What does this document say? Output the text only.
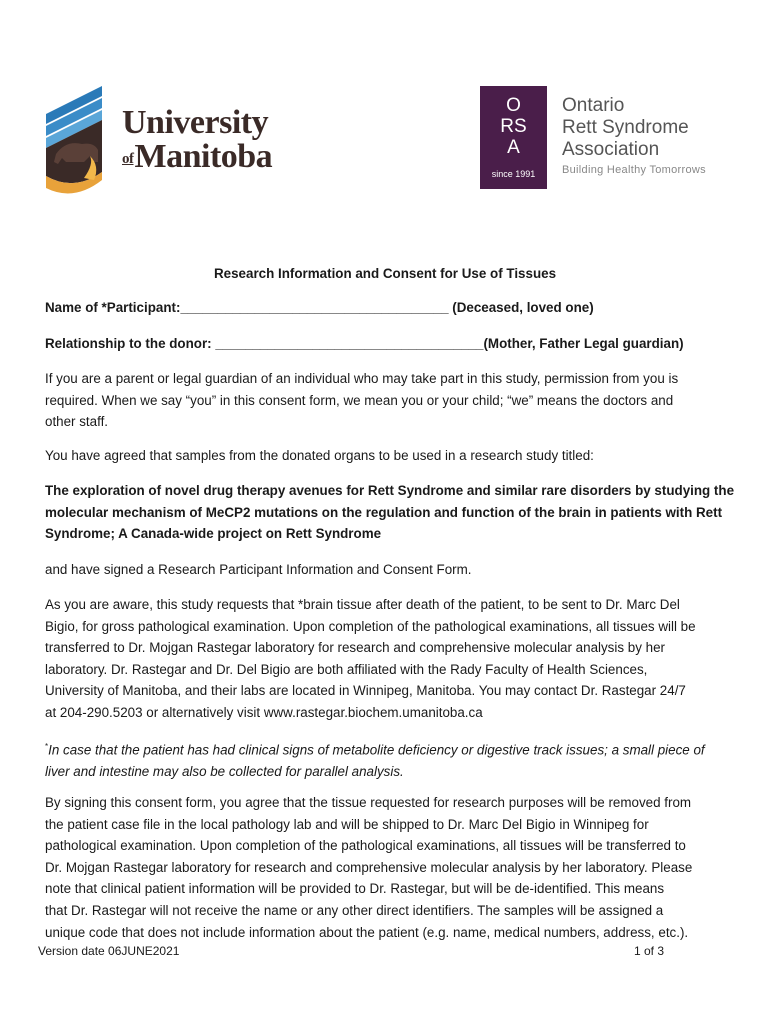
University
ofManitoba
O
RS
A
since 1991
Ontario
Rett Syndrome
Association
Building Healthy Tomorrows
Research Information and Consent for Use of Tissues
Name of *Participant:____________________________________ (Deceased, loved one)
Relationship to the donor: ____________________________________(Mother, Father Legal guardian)
If you are a parent or legal guardian of an individual who may take part in this study, permission from you is
required. When we say “you” in this consent form, we mean you or your child; “we” means the doctors and
other staff.
You have agreed that samples from the donated organs to be used in a research study titled:
The exploration of novel drug therapy avenues for Rett Syndrome and similar rare disorders by studying the
molecular mechanism of MeCP2 mutations on the regulation and function of the brain in patients with Rett
Syndrome; A Canada-wide project on Rett Syndrome
and have signed a Research Participant Information and Consent Form.
As you are aware, this study requests that *brain tissue after death of the patient, to be sent to Dr. Marc Del
Bigio, for gross pathological examination. Upon completion of the pathological examinations, all tissues will be
transferred to Dr. Mojgan Rastegar laboratory for research and comprehensive molecular analysis by her
laboratory. Dr. Rastegar and Dr. Del Bigio are both affiliated with the Rady Faculty of Health Sciences,
University of Manitoba, and their labs are located in Winnipeg, Manitoba. You may contact Dr. Rastegar 24/7
at 204-290.5203 or alternatively visit www.rastegar.biochem.umanitoba.ca
*In case that the patient has had clinical signs of metabolite deficiency or digestive track issues; a small piece of
liver and intestine may also be collected for parallel analysis.
By signing this consent form, you agree that the tissue requested for research purposes will be removed from
the patient case file in the local pathology lab and will be shipped to Dr. Marc Del Bigio in Winnipeg for
pathological examination. Upon completion of the pathological examinations, all tissues will be transferred to
Dr. Mojgan Rastegar laboratory for research and comprehensive molecular analysis by her laboratory. Please
note that clinical patient information will be provided to Dr. Rastegar, but will be de-identified. This means
that Dr. Rastegar will not receive the name or any other direct identifiers. The samples will be assigned a
unique code that does not include information about the patient (e.g. name, medical numbers, address, etc.).
Version date 06JUNE2021	1 of 3
